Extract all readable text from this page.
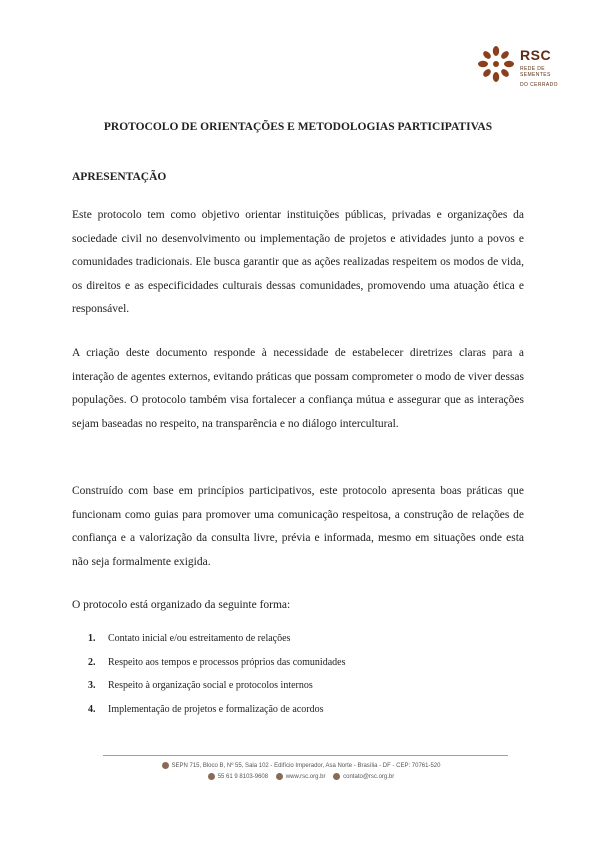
RSC
REDE DE SEMENTES
DO CERRADO
PROTOCOLO DE ORIENTAÇÕES E METODOLOGIAS PARTICIPATIVAS
APRESENTAÇÃO

Este protocolo tem como objetivo orientar instituições públicas, privadas e organizações da sociedade civil no desenvolvimento ou implementação de projetos e atividades junto a povos e comunidades tradicionais. Ele busca garantir que as ações realizadas respeitem os modos de vida, os direitos e as especificidades culturais dessas comunidades, promovendo uma atuação ética e responsável.

A criação deste documento responde à necessidade de estabelecer diretrizes claras para a interação de agentes externos, evitando práticas que possam comprometer o modo de viver dessas populações. O protocolo também visa fortalecer a confiança mútua e assegurar que as interações sejam baseadas no respeito, na transparência e no diálogo intercultural.

Construído com base em princípios participativos, este protocolo apresenta boas práticas que funcionam como guias para promover uma comunicação respeitosa, a construção de relações de confiança e a valorização da consulta livre, prévia e informada, mesmo em situações onde esta não seja formalmente exigida.

O protocolo está organizado da seguinte forma:

1.	Contato inicial e/ou estreitamento de relações
2.	Respeito aos tempos e processos próprios das comunidades
3.	Respeito à organização social e protocolos internos
4.	Implementação de projetos e formalização de acordos
SEPN 715, Bloco B, Nº 55, Sala 102 - Edifício Imperador, Asa Norte - Brasília - DF - CEP: 70761-520
55 61 9 8103-9608	www.rsc.org.br	contato@rsc.org.br
